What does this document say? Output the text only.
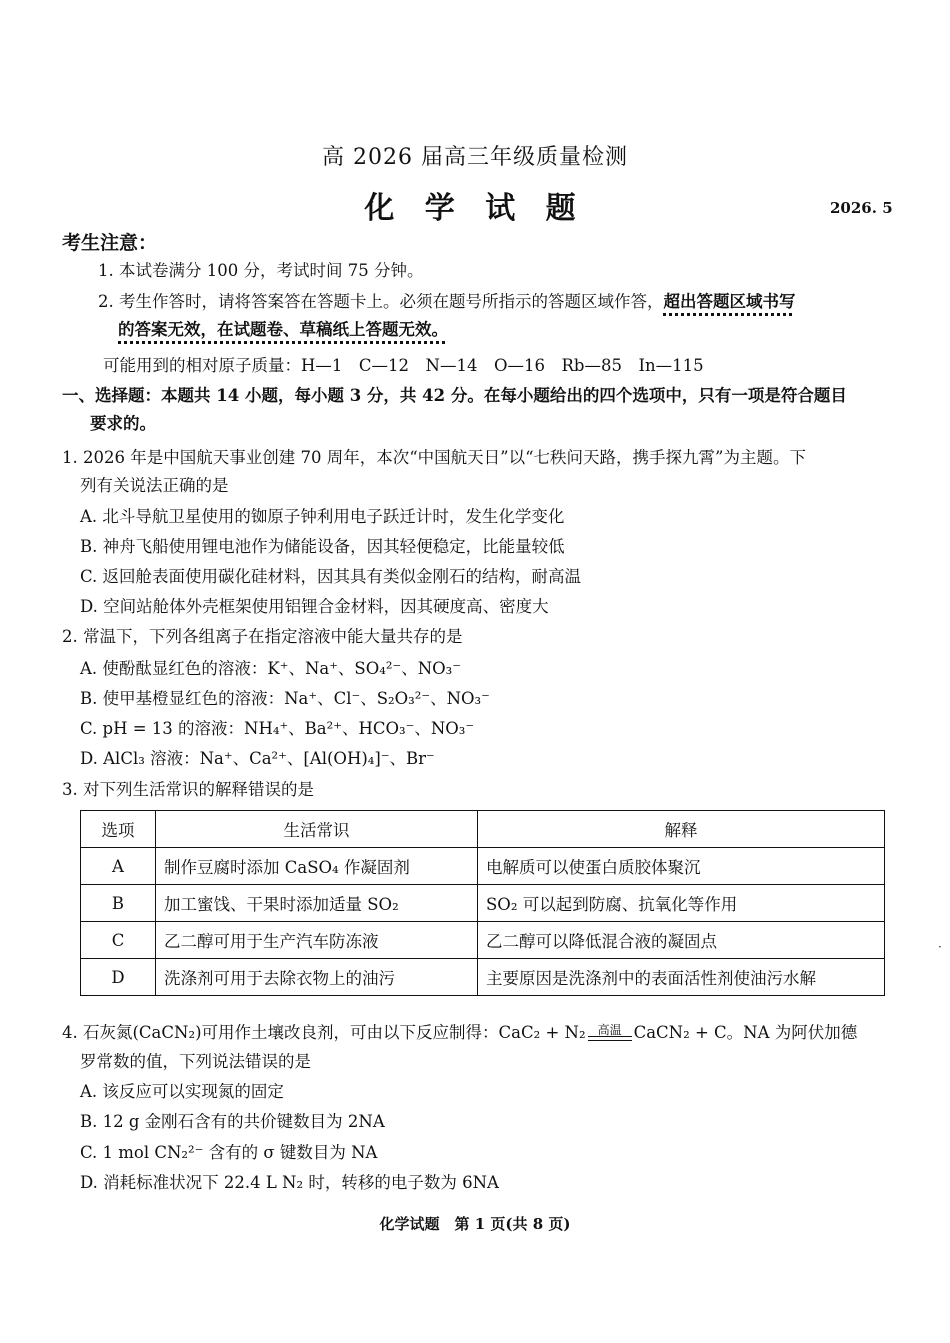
高 2026 届高三年级质量检测
化 学 试 题	2026. 5
考生注意：
1. 本试卷满分 100 分，考试时间 75 分钟。
2. 考生作答时，请将答案答在答题卡上。必须在题号所指示的答题区域作答，超出答题区域书写
的答案无效，在试题卷、草稿纸上答题无效。
可能用到的相对原子质量：H—1　C—12　N—14　O—16　Rb—85　In—115
一、选择题：本题共 14 小题，每小题 3 分，共 42 分。在每小题给出的四个选项中，只有一项是符合题目
要求的。
1. 2026 年是中国航天事业创建 70 周年，本次“中国航天日”以“七秩问天路，携手探九霄”为主题。下
列有关说法正确的是
A. 北斗导航卫星使用的铷原子钟利用电子跃迁计时，发生化学变化
B. 神舟飞船使用锂电池作为储能设备，因其轻便稳定，比能量较低
C. 返回舱表面使用碳化硅材料，因其具有类似金刚石的结构，耐高温
D. 空间站舱体外壳框架使用铝锂合金材料，因其硬度高、密度大
2. 常温下，下列各组离子在指定溶液中能大量共存的是
A. 使酚酞显红色的溶液：K⁺、Na⁺、SO₄²⁻、NO₃⁻
B. 使甲基橙显红色的溶液：Na⁺、Cl⁻、S₂O₃²⁻、NO₃⁻
C. pH = 13 的溶液：NH₄⁺、Ba²⁺、HCO₃⁻、NO₃⁻
D. AlCl₃ 溶液：Na⁺、Ca²⁺、[Al(OH)₄]⁻、Br⁻
3. 对下列生活常识的解释错误的是
选项	生活常识	解释
A	制作豆腐时添加 CaSO₄ 作凝固剂	电解质可以使蛋白质胶体聚沉
B	加工蜜饯、干果时添加适量 SO₂	SO₂ 可以起到防腐、抗氧化等作用
C	乙二醇可用于生产汽车防冻液	乙二醇可以降低混合液的凝固点
D	洗涤剂可用于去除衣物上的油污	主要原因是洗涤剂中的表面活性剂使油污水解
4. 石灰氮(CaCN₂)可用作土壤改良剂，可由以下反应制得：CaC₂ + N₂ 高温 CaCN₂ + C。NA 为阿伏加德
罗常数的值，下列说法错误的是
A. 该反应可以实现氮的固定
B. 12 g 金刚石含有的共价键数目为 2NA
C. 1 mol CN₂²⁻ 含有的 σ 键数目为 NA
D. 消耗标准状况下 22.4 L N₂ 时，转移的电子数为 6NA
化学试题　第 1 页(共 8 页)
·
